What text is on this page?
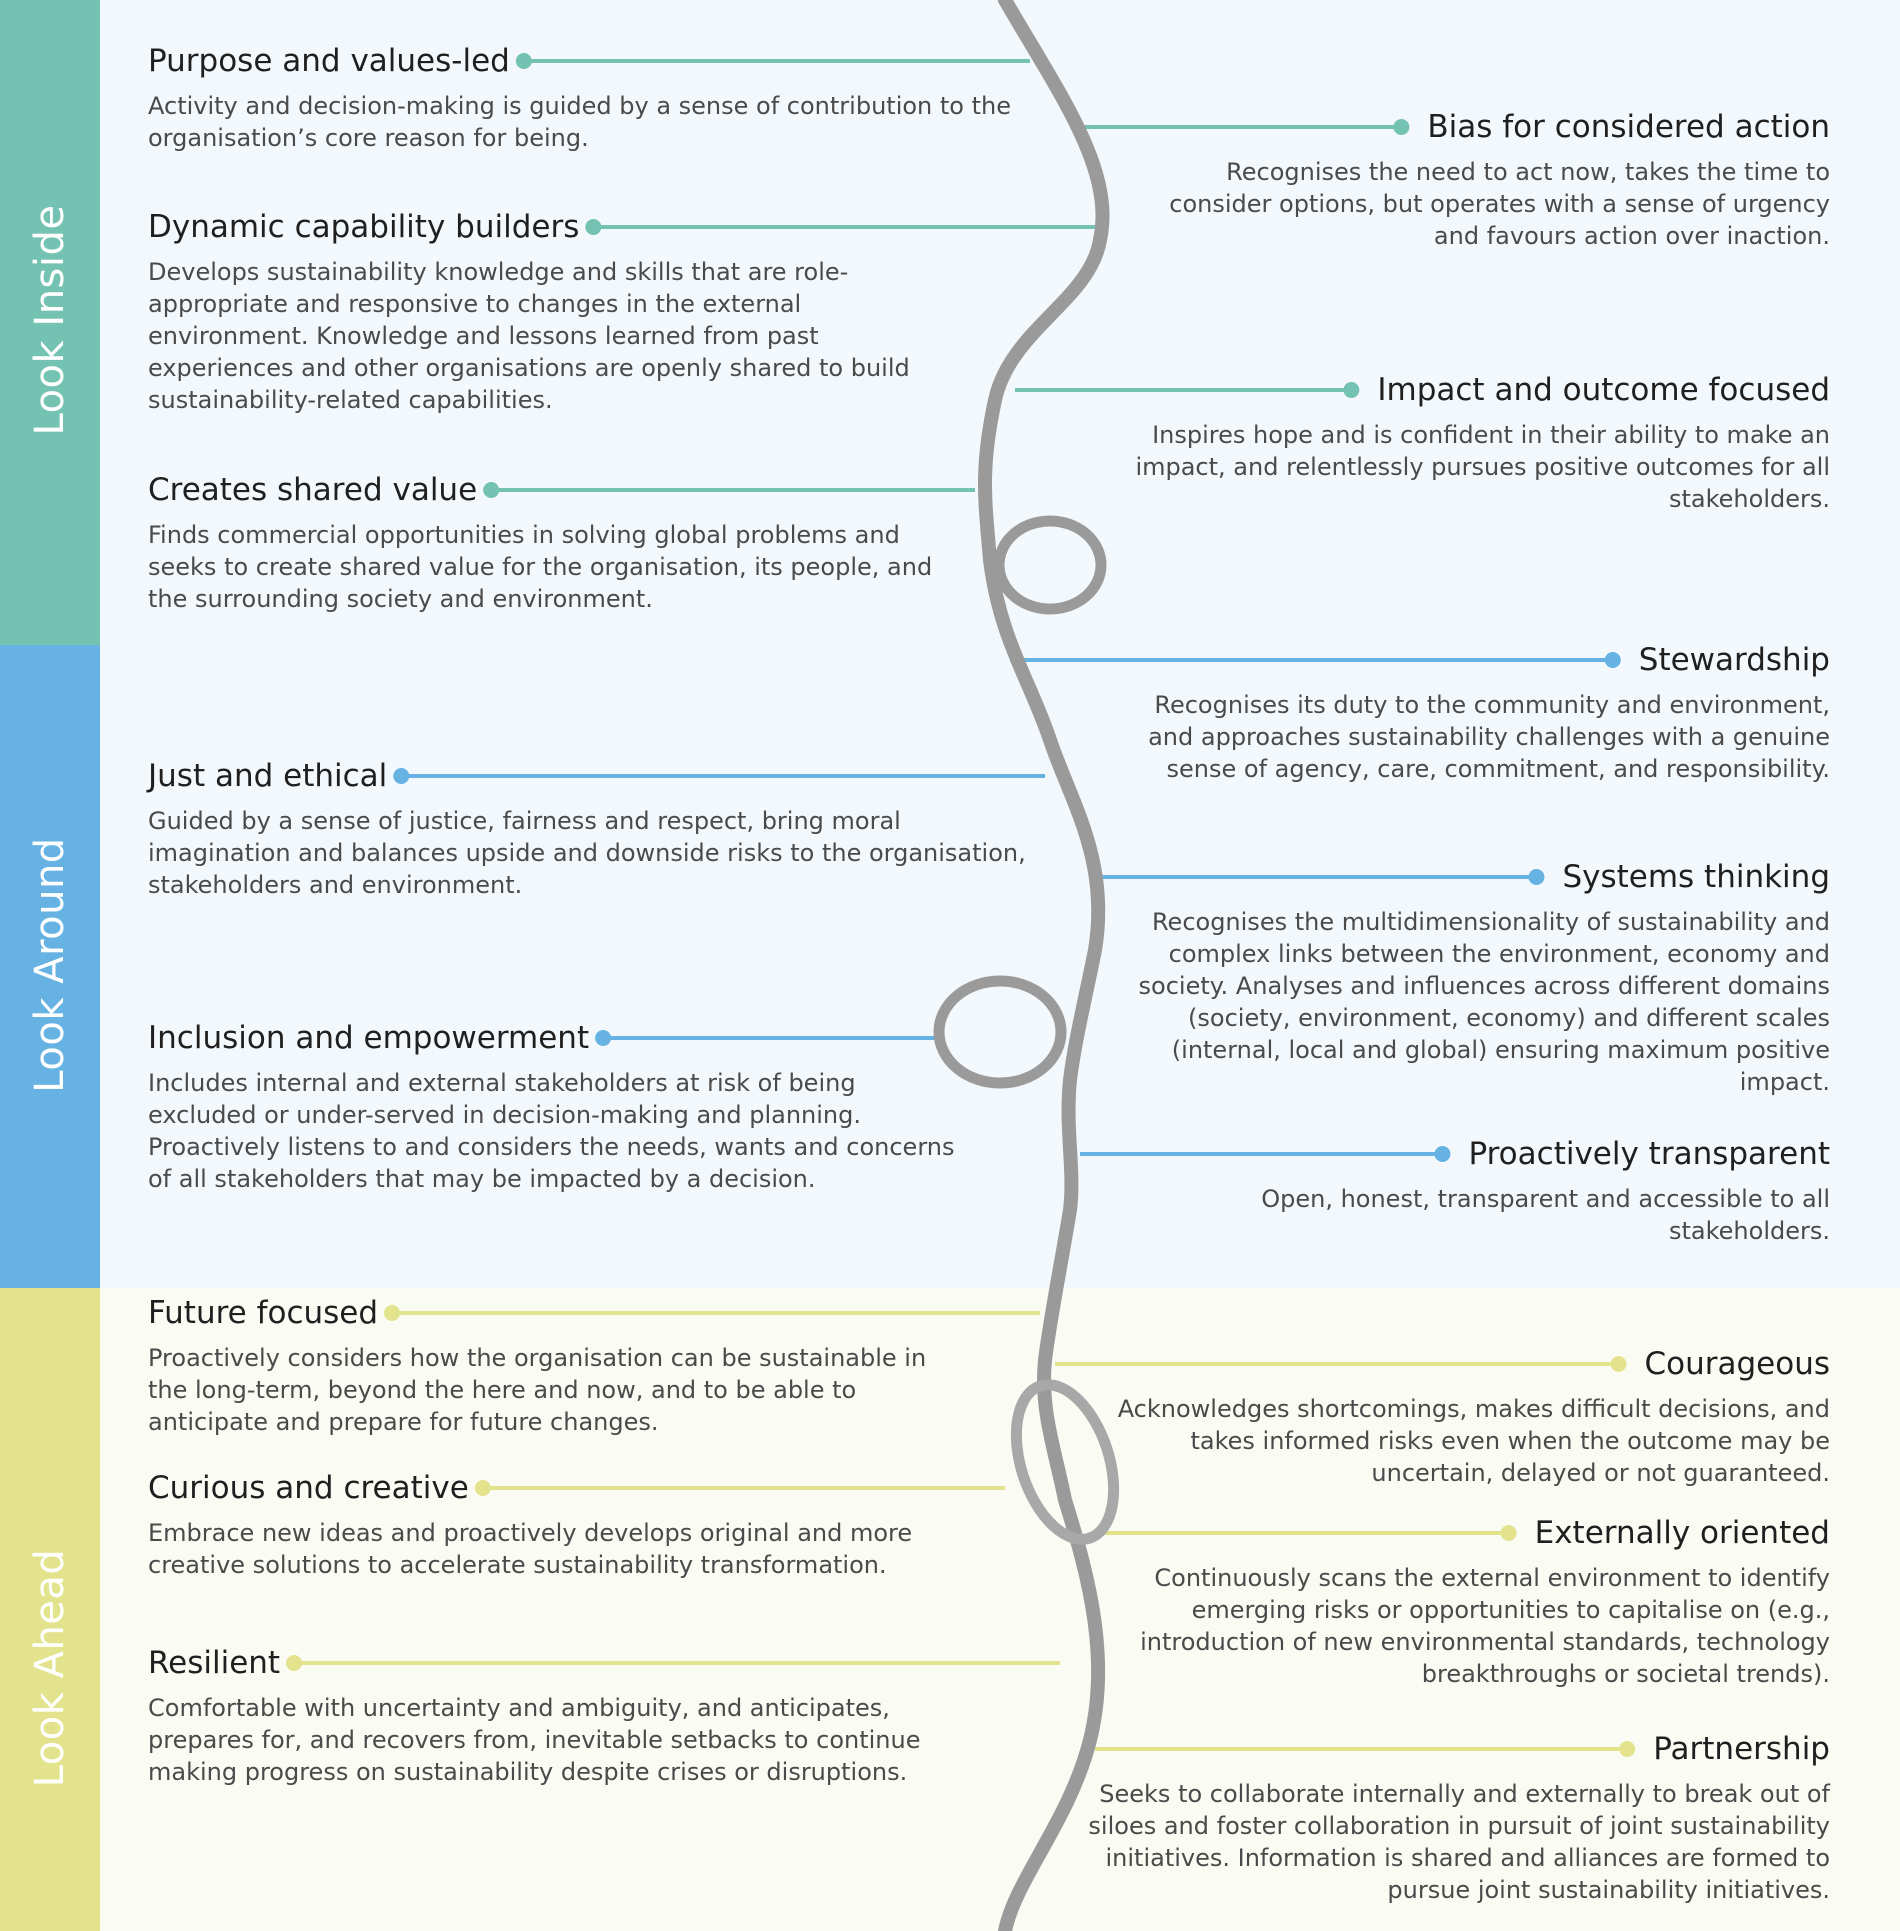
Look Inside
Look Around
Look Ahead
Purpose and values-led

Activity and decision-making is guided by a sense of contribution to the organisation’s core reason for being.	Bias for considered action

Recognises the need to act now, takes the time to consider options, but operates with a sense of urgency and favours action over inaction.

Dynamic capability builders

Develops sustainability knowledge and skills that are role-appropriate and responsive to changes in the external environment. Knowledge and lessons learned from past experiences and other organisations are openly shared to build sustainability-related capabilities.	Impact and outcome focused

Inspires hope and is confident in their ability to make an impact, and relentlessly pursues positive outcomes for all stakeholders.

Creates shared value

Finds commercial opportunities in solving global problems and seeks to create shared value for the organisation, its people, and the surrounding society and environment.

Stewardship

Recognises its duty to the community and environment, and approaches sustainability challenges with a genuine sense of agency, care, commitment, and responsibility.

Just and ethical

Guided by a sense of justice, fairness and respect, bring moral imagination and balances upside and downside risks to the organisation, stakeholders and environment.	Systems thinking

Recognises the multidimensionality of sustainability and complex links between the environment, economy and society. Analyses and influences across different domains (society, environment, economy) and different scales (internal, local and global) ensuring maximum positive impact.

Inclusion and empowerment

Includes internal and external stakeholders at risk of being excluded or under-served in decision-making and planning. Proactively listens to and considers the needs, wants and concerns of all stakeholders that may be impacted by a decision.

Proactively transparent

Open, honest, transparent and accessible to all stakeholders.

Future focused

Proactively considers how the organisation can be sustainable in the long-term, beyond the here and now, and to be able to anticipate and prepare for future changes.

Courageous

Acknowledges shortcomings, makes difficult decisions, and takes informed risks even when the outcome may be uncertain, delayed or not guaranteed.

Curious and creative

Embrace new ideas and proactively develops original and more creative solutions to accelerate sustainability transformation.

Externally oriented

Continuously scans the external environment to identify emerging risks or opportunities to capitalise on (e.g., introduction of new environmental standards, technology breakthroughs or societal trends).

Resilient

Comfortable with uncertainty and ambiguity, and anticipates, prepares for, and recovers from, inevitable setbacks to continue making progress on sustainability despite crises or disruptions.

Partnership

Seeks to collaborate internally and externally to break out of siloes and foster collaboration in pursuit of joint sustainability initiatives. Information is shared and alliances are formed to pursue joint sustainability initiatives.
